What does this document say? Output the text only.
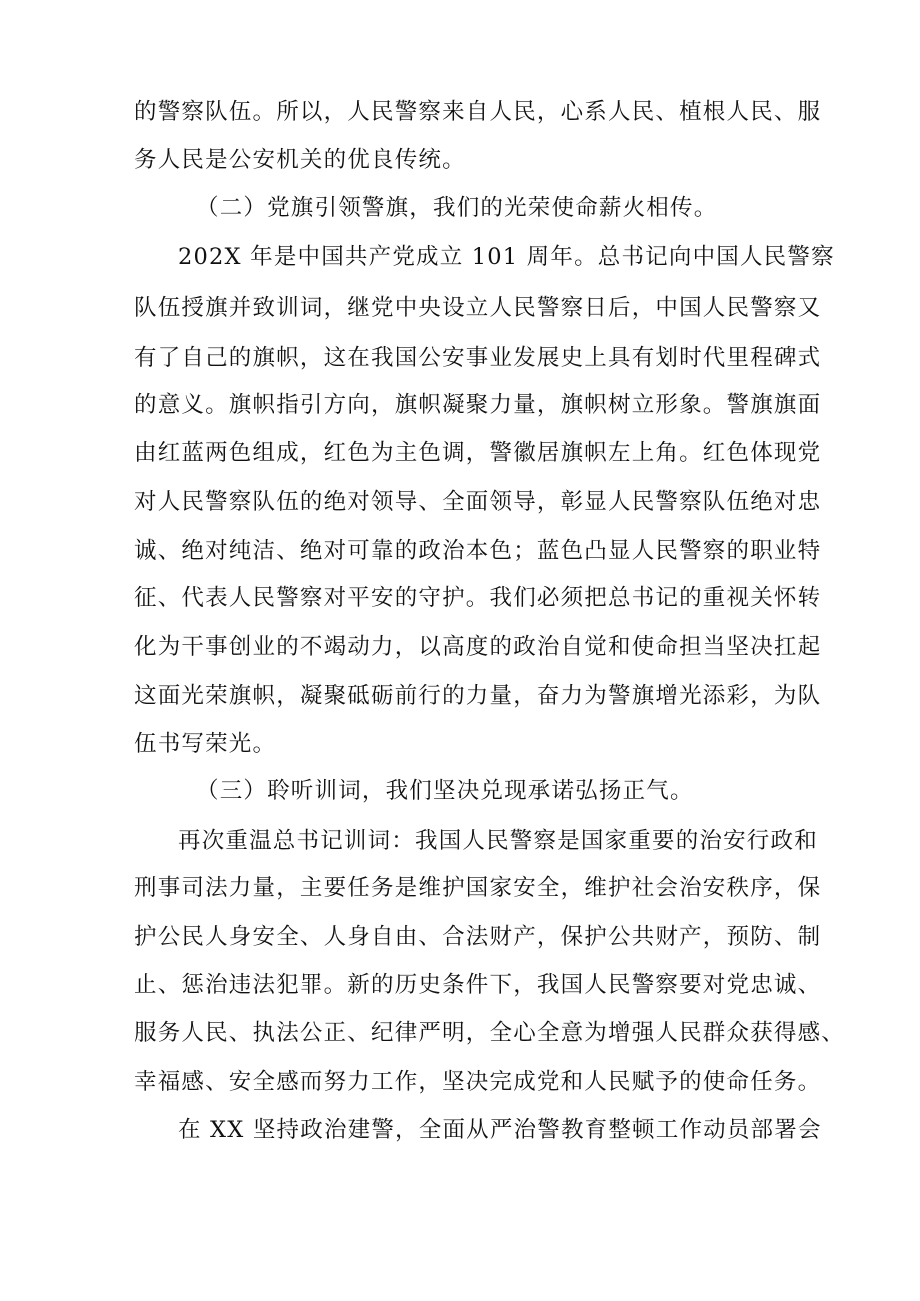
的警察队伍。所以，人民警察来自人民，心系人民、植根人民、服
务人民是公安机关的优良传统。
（二）党旗引领警旗，我们的光荣使命薪火相传。
202X 年是中国共产党成立 101 周年。总书记向中国人民警察
队伍授旗并致训词，继党中央设立人民警察日后，中国人民警察又
有了自己的旗帜，这在我国公安事业发展史上具有划时代里程碑式
的意义。旗帜指引方向，旗帜凝聚力量，旗帜树立形象。警旗旗面
由红蓝两色组成，红色为主色调，警徽居旗帜左上角。红色体现党
对人民警察队伍的绝对领导、全面领导，彰显人民警察队伍绝对忠
诚、绝对纯洁、绝对可靠的政治本色；蓝色凸显人民警察的职业特
征、代表人民警察对平安的守护。我们必须把总书记的重视关怀转
化为干事创业的不竭动力，以高度的政治自觉和使命担当坚决扛起
这面光荣旗帜，凝聚砥砺前行的力量，奋力为警旗增光添彩，为队
伍书写荣光。
（三）聆听训词，我们坚决兑现承诺弘扬正气。
再次重温总书记训词：我国人民警察是国家重要的治安行政和
刑事司法力量，主要任务是维护国家安全，维护社会治安秩序，保
护公民人身安全、人身自由、合法财产，保护公共财产，预防、制
止、惩治违法犯罪。新的历史条件下，我国人民警察要对党忠诚、
服务人民、执法公正、纪律严明，全心全意为增强人民群众获得感、
幸福感、安全感而努力工作，坚决完成党和人民赋予的使命任务。
在 XX 坚持政治建警，全面从严治警教育整顿工作动员部署会
